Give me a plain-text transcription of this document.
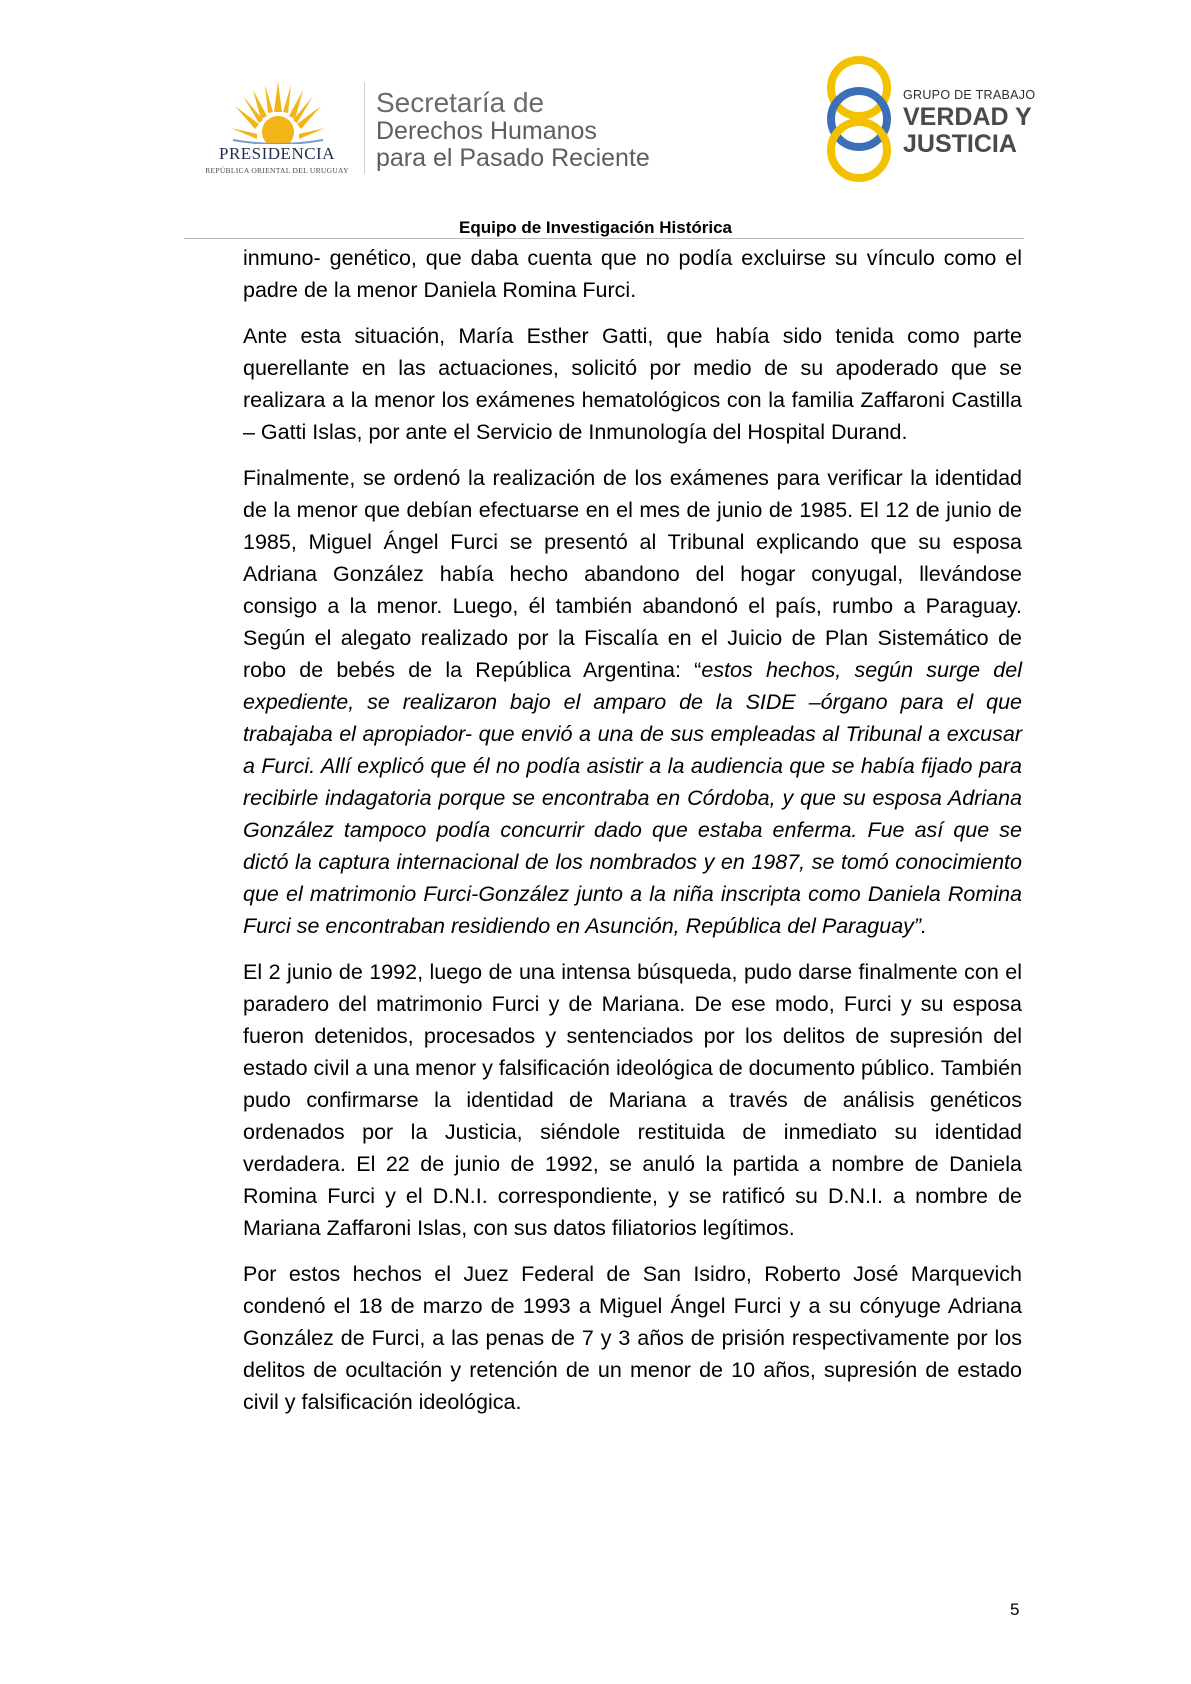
PRESIDENCIA
REPÚBLICA ORIENTAL DEL URUGUAY
Secretaría de
Derechos Humanos
para el Pasado Reciente
GRUPO DE TRABAJO
VERDAD Y
JUSTICIA
Equipo de Investigación Histórica

inmuno- genético, que daba cuenta que no podía excluirse su vínculo como el padre de la menor Daniela Romina Furci.

Ante esta situación, María Esther Gatti, que había sido tenida como parte querellante en las actuaciones, solicitó por medio de su apoderado que se realizara a la menor los exámenes hematológicos con la familia Zaffaroni Castilla – Gatti Islas, por ante el Servicio de Inmunología del Hospital Durand.

Finalmente, se ordenó la realización de los exámenes para verificar la identidad de la menor que debían efectuarse en el mes de junio de 1985. El 12 de junio de 1985, Miguel Ángel Furci se presentó al Tribunal explicando que su esposa Adriana González había hecho abandono del hogar conyugal, llevándose consigo a la menor. Luego, él también abandonó el país, rumbo a Paraguay. Según el alegato realizado por la Fiscalía en el Juicio de Plan Sistemático de robo de bebés de la República Argentina: “estos hechos, según surge del expediente, se realizaron bajo el amparo de la SIDE –órgano para el que trabajaba el apropiador- que envió a una de sus empleadas al Tribunal a excusar a Furci. Allí explicó que él no podía asistir a la audiencia que se había fijado para recibirle indagatoria porque se encontraba en Córdoba, y que su esposa Adriana González tampoco podía concurrir dado que estaba enferma. Fue así que se dictó la captura internacional de los nombrados y en 1987, se tomó conocimiento que el matrimonio Furci-González junto a la niña inscripta como Daniela Romina Furci se encontraban residiendo en Asunción, República del Paraguay”.

El 2 junio de 1992, luego de una intensa búsqueda, pudo darse finalmente con el paradero del matrimonio Furci y de Mariana. De ese modo, Furci y su esposa fueron detenidos, procesados y sentenciados por los delitos de supresión del estado civil a una menor y falsificación ideológica de documento público. También pudo confirmarse la identidad de Mariana a través de análisis genéticos ordenados por la Justicia, siéndole restituida de inmediato su identidad verdadera. El 22 de junio de 1992, se anuló la partida a nombre de Daniela Romina Furci y el D.N.I. correspondiente, y se ratificó su D.N.I. a nombre de Mariana Zaffaroni Islas, con sus datos filiatorios legítimos.

Por estos hechos el Juez Federal de San Isidro, Roberto José Marquevich condenó el 18 de marzo de 1993 a Miguel Ángel Furci y a su cónyuge Adriana González de Furci, a las penas de 7 y 3 años de prisión respectivamente por los delitos de ocultación y retención de un menor de 10 años, supresión de estado civil y falsificación ideológica.

5
